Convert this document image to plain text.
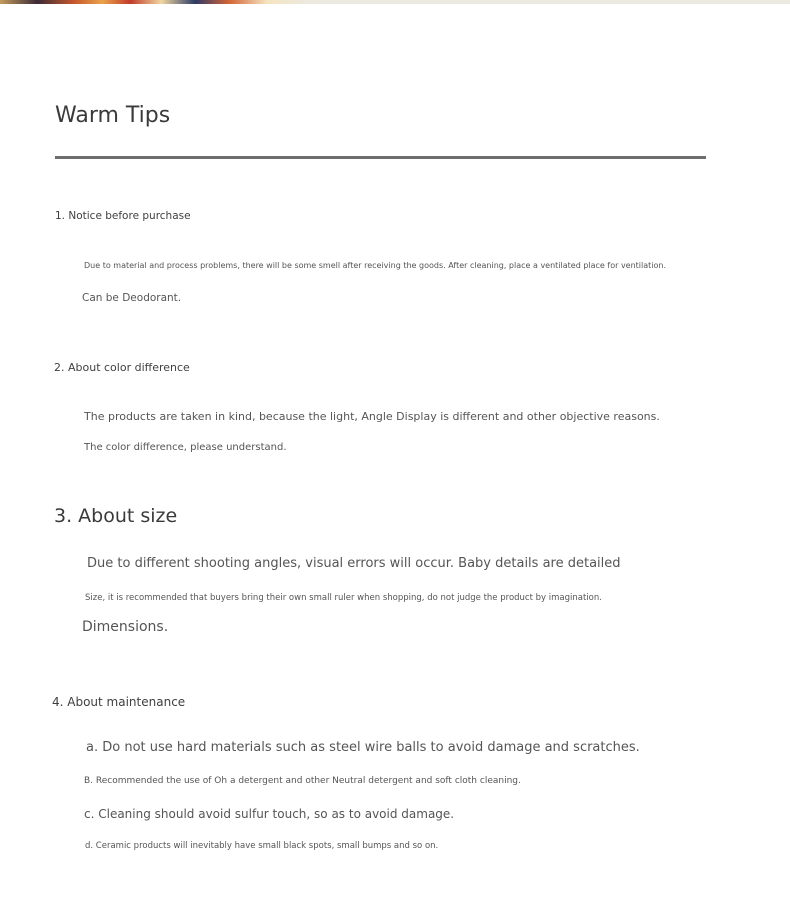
Warm Tips

1. Notice before purchase

Due to material and process problems, there will be some smell after receiving the goods. After cleaning, place a ventilated place for ventilation.

Can be Deodorant.

2. About color difference

The products are taken in kind, because the light, Angle Display is different and other objective reasons.

The color difference, please understand.

3. About size

Due to different shooting angles, visual errors will occur. Baby details are detailed

Size, it is recommended that buyers bring their own small ruler when shopping, do not judge the product by imagination.

Dimensions.

4. About maintenance

a. Do not use hard materials such as steel wire balls to avoid damage and scratches.

B. Recommended the use of Oh a detergent and other Neutral detergent and soft cloth cleaning.

c. Cleaning should avoid sulfur touch, so as to avoid damage.

d. Ceramic products will inevitably have small black spots, small bumps and so on.
